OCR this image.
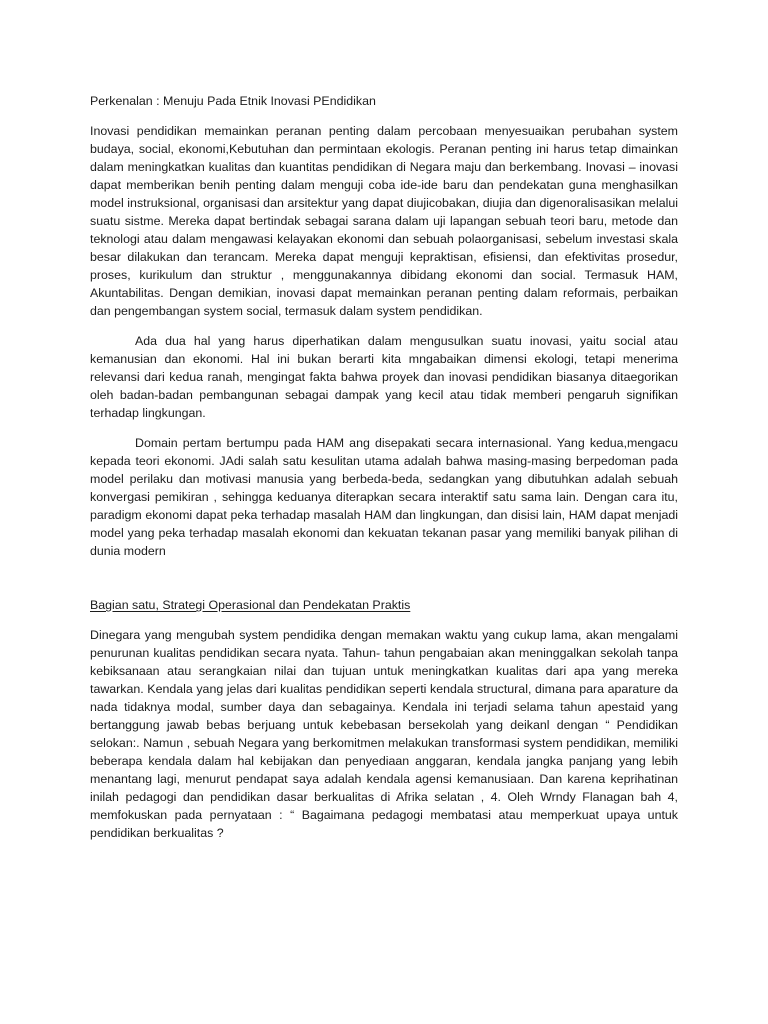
Perkenalan : Menuju Pada Etnik Inovasi PEndidikan

Inovasi pendidikan memainkan peranan penting dalam percobaan menyesuaikan perubahan system budaya, social, ekonomi,Kebutuhan dan permintaan ekologis. Peranan penting ini harus tetap dimainkan dalam meningkatkan kualitas dan kuantitas pendidikan di Negara maju dan berkembang. Inovasi – inovasi dapat memberikan benih penting dalam menguji coba ide-ide baru dan pendekatan guna menghasilkan model instruksional, organisasi dan arsitektur yang dapat diujicobakan, diujia dan digenoralisasikan melalui suatu sistme. Mereka dapat bertindak sebagai sarana dalam uji lapangan sebuah teori baru, metode dan teknologi atau dalam mengawasi kelayakan ekonomi dan sebuah polaorganisasi, sebelum investasi skala besar dilakukan dan terancam. Mereka dapat menguji kepraktisan, efisiensi, dan efektivitas prosedur, proses, kurikulum dan struktur , menggunakannya dibidang ekonomi dan social. Termasuk HAM, Akuntabilitas. Dengan demikian, inovasi dapat memainkan peranan penting dalam reformais, perbaikan dan pengembangan system social, termasuk dalam system pendidikan.

Ada dua hal yang harus diperhatikan dalam mengusulkan suatu inovasi, yaitu social atau kemanusian dan ekonomi. Hal ini bukan berarti kita mngabaikan dimensi ekologi, tetapi menerima relevansi dari kedua ranah, mengingat fakta bahwa proyek dan inovasi pendidikan biasanya ditaegorikan oleh badan-badan pembangunan sebagai dampak yang kecil atau tidak memberi pengaruh signifikan terhadap lingkungan.

Domain pertam bertumpu pada HAM ang disepakati secara internasional. Yang kedua,mengacu kepada teori ekonomi. JAdi salah satu kesulitan utama adalah bahwa masing-masing berpedoman pada model perilaku dan motivasi manusia yang berbeda-beda, sedangkan yang dibutuhkan adalah sebuah konvergasi pemikiran , sehingga keduanya diterapkan secara interaktif satu sama lain. Dengan cara itu, paradigm ekonomi dapat peka terhadap masalah HAM dan lingkungan, dan disisi lain, HAM dapat menjadi model yang peka terhadap masalah ekonomi dan kekuatan tekanan pasar yang memiliki banyak pilihan di dunia modern

Bagian satu, Strategi Operasional dan Pendekatan Praktis

Dinegara yang mengubah system pendidika dengan memakan waktu yang cukup lama, akan mengalami penurunan kualitas pendidikan secara nyata. Tahun- tahun pengabaian akan meninggalkan sekolah tanpa kebiksanaan atau serangkaian nilai dan tujuan untuk meningkatkan kualitas dari apa yang mereka tawarkan. Kendala yang jelas dari kualitas pendidikan seperti kendala structural, dimana para aparature da nada tidaknya modal, sumber daya dan sebagainya. Kendala ini terjadi selama tahun apestaid yang bertanggung jawab bebas berjuang untuk kebebasan bersekolah yang deikanl dengan “ Pendidikan selokan:. Namun , sebuah Negara yang berkomitmen melakukan transformasi system pendidikan, memiliki beberapa kendala dalam hal kebijakan dan penyediaan anggaran, kendala jangka panjang yang lebih menantang lagi, menurut pendapat saya adalah kendala agensi kemanusiaan. Dan karena keprihatinan inilah pedagogi dan pendidikan dasar berkualitas di Afrika selatan , 4. Oleh Wrndy Flanagan bah 4, memfokuskan pada pernyataan : “ Bagaimana pedagogi membatasi atau memperkuat upaya untuk pendidikan berkualitas ?
